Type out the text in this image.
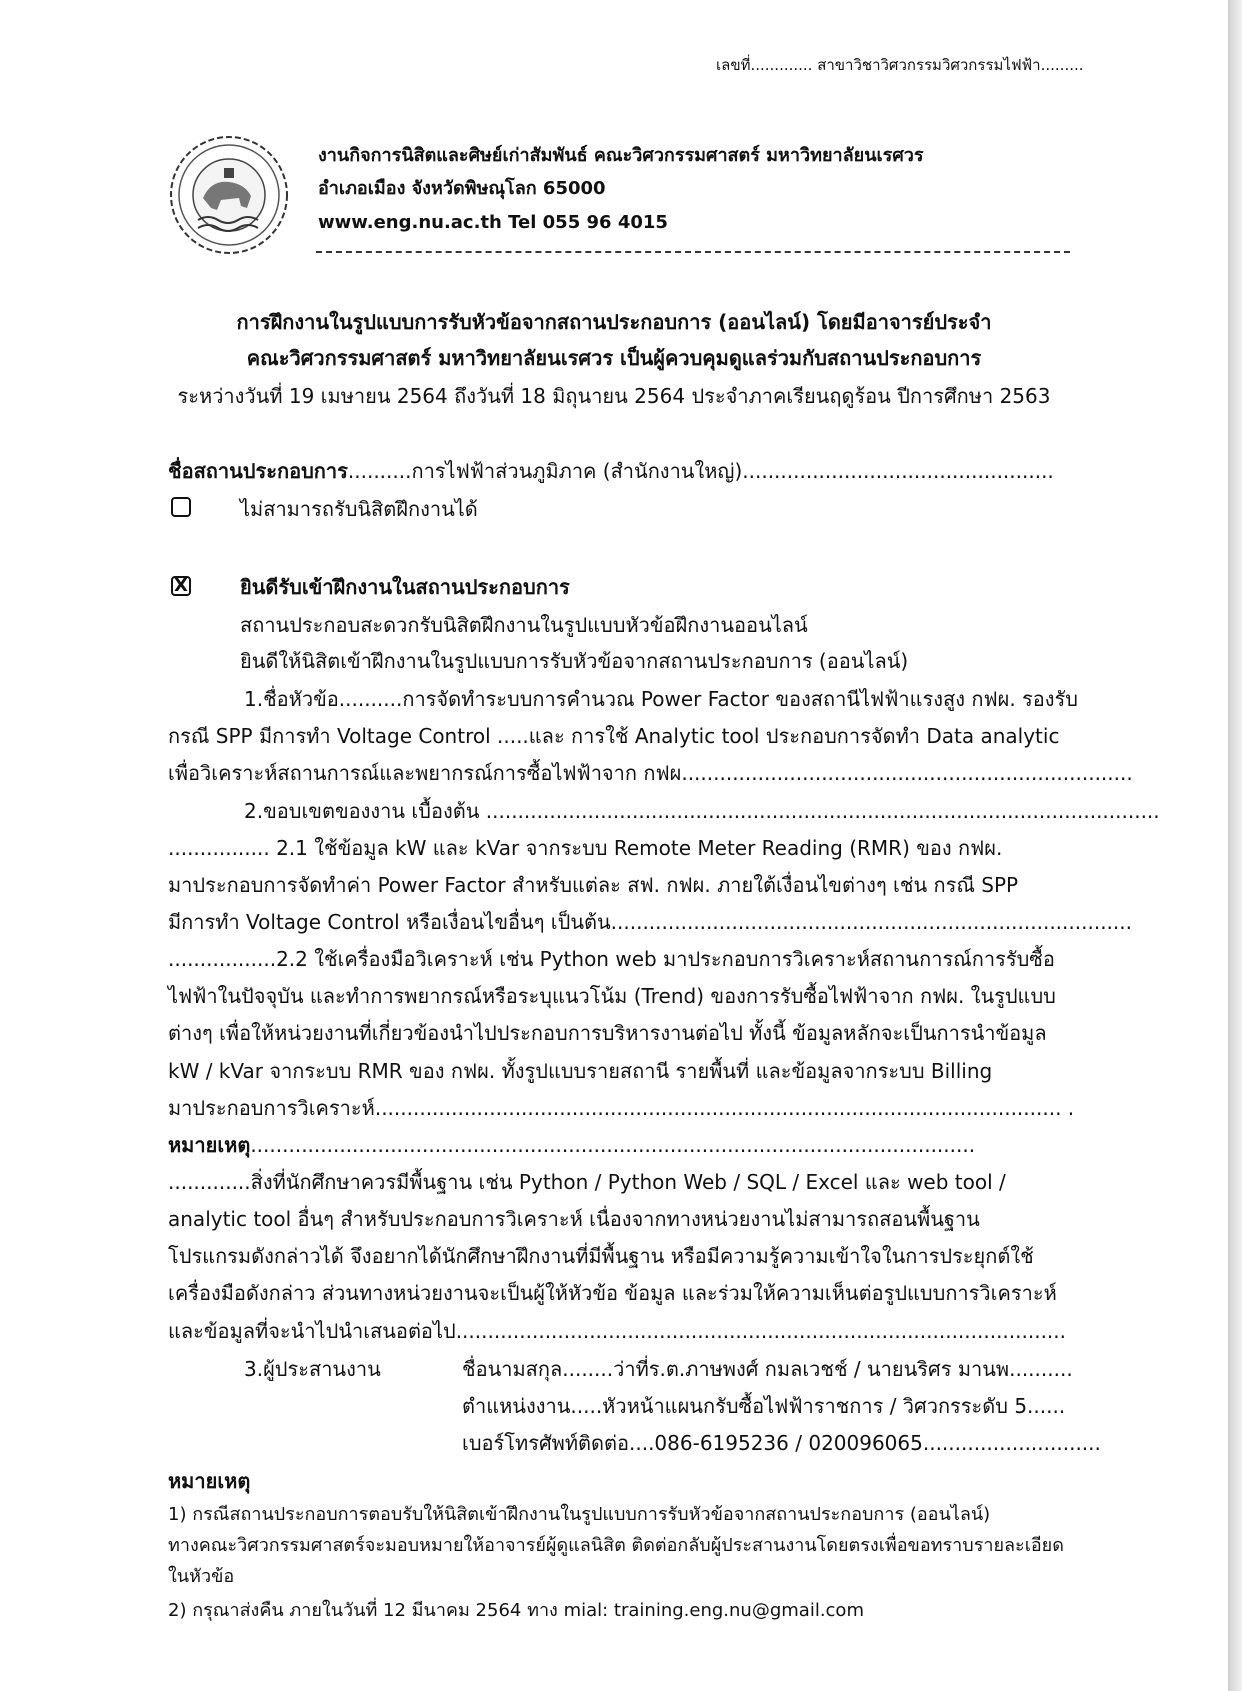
เลขที่............. สาขาวิชาวิศวกรรมวิศวกรรมไฟฟ้า.........
งานกิจการนิสิตและศิษย์เก่าสัมพันธ์ คณะวิศวกรรมศาสตร์ มหาวิทยาลัยนเรศวร
อำเภอเมือง จังหวัดพิษณุโลก 65000
www.eng.nu.ac.th Tel 055 96 4015
การฝึกงานในรูปแบบการรับหัวข้อจากสถานประกอบการ (ออนไลน์) โดยมีอาจารย์ประจำ
คณะวิศวกรรมศาสตร์ มหาวิทยาลัยนเรศวร เป็นผู้ควบคุมดูแลร่วมกับสถานประกอบการ
ระหว่างวันที่ 19 เมษายน 2564 ถึงวันที่ 18 มิถุนายน 2564 ประจำภาคเรียนฤดูร้อน ปีการศึกษา 2563
ชื่อสถานประกอบการ..........การไฟฟ้าส่วนภูมิภาค (สำนักงานใหญ่).................................................
ไม่สามารถรับนิสิตฝึกงานได้
X	ยินดีรับเข้าฝึกงานในสถานประกอบการ
สถานประกอบสะดวกรับนิสิตฝึกงานในรูปแบบหัวข้อฝึกงานออนไลน์
ยินดีให้นิสิตเข้าฝึกงานในรูปแบบการรับหัวข้อจากสถานประกอบการ (ออนไลน์)
1.ชื่อหัวข้อ..........การจัดทำระบบการคำนวณ Power Factor ของสถานีไฟฟ้าแรงสูง กฟผ. รองรับ
กรณี SPP มีการทำ Voltage Control .....และ การใช้ Analytic tool ประกอบการจัดทำ Data analytic
เพื่อวิเคราะห์สถานการณ์และพยากรณ์การซื้อไฟฟ้าจาก กฟผ.......................................................................
2.ขอบเขตของงาน เบื้องต้น ..........................................................................................................
................ 2.1 ใช้ข้อมูล kW และ kVar จากระบบ Remote Meter Reading (RMR) ของ กฟผ.
มาประกอบการจัดทำค่า Power Factor สำหรับแต่ละ สฟ. กฟผ. ภายใต้เงื่อนไขต่างๆ เช่น กรณี SPP
มีการทำ Voltage Control หรือเงื่อนไขอื่นๆ เป็นต้น..................................................................................
.................2.2 ใช้เครื่องมือวิเคราะห์ เช่น Python web มาประกอบการวิเคราะห์สถานการณ์การรับซื้อ
ไฟฟ้าในปัจจุบัน และทำการพยากรณ์หรือระบุแนวโน้ม (Trend) ของการรับซื้อไฟฟ้าจาก กฟผ. ในรูปแบบ
ต่างๆ เพื่อให้หน่วยงานที่เกี่ยวข้องนำไปประกอบการบริหารงานต่อไป ทั้งนี้ ข้อมูลหลักจะเป็นการนำข้อมูล
kW / kVar จากระบบ RMR ของ กฟผ. ทั้งรูปแบบรายสถานี รายพื้นที่ และข้อมูลจากระบบ Billing
มาประกอบการวิเคราะห์............................................................................................................ .
หมายเหตุ..................................................................................................................
.............สิ่งที่นักศึกษาควรมีพื้นฐาน เช่น Python / Python Web / SQL / Excel และ web tool /
analytic tool อื่นๆ สำหรับประกอบการวิเคราะห์ เนื่องจากทางหน่วยงานไม่สามารถสอนพื้นฐาน
โปรแกรมดังกล่าวได้ จึงอยากได้นักศึกษาฝึกงานที่มีพื้นฐาน หรือมีความรู้ความเข้าใจในการประยุกต์ใช้
เครื่องมือดังกล่าว ส่วนทางหน่วยงานจะเป็นผู้ให้หัวข้อ ข้อมูล และร่วมให้ความเห็นต่อรูปแบบการวิเคราะห์
และข้อมูลที่จะนำไปนำเสนอต่อไป................................................................................................
3.ผู้ประสานงาน	ชื่อนามสกุล........ว่าที่ร.ต.ภาษพงศ์ กมลเวชช์ / นายนริศร มานพ..........
ตำแหน่งงาน.....หัวหน้าแผนกรับซื้อไฟฟ้าราชการ / วิศวกรระดับ 5......
เบอร์โทรศัพท์ติดต่อ....086-6195236 / 020096065............................
หมายเหตุ
1) กรณีสถานประกอบการตอบรับให้นิสิตเข้าฝึกงานในรูปแบบการรับหัวข้อจากสถานประกอบการ (ออนไลน์)
ทางคณะวิศวกรรมศาสตร์จะมอบหมายให้อาจารย์ผู้ดูแลนิสิต ติดต่อกลับผู้ประสานงานโดยตรงเพื่อขอทราบรายละเอียด
ในหัวข้อ
2) กรุณาส่งคืน ภายในวันที่ 12 มีนาคม 2564 ทาง mial: training.eng.nu@gmail.com
